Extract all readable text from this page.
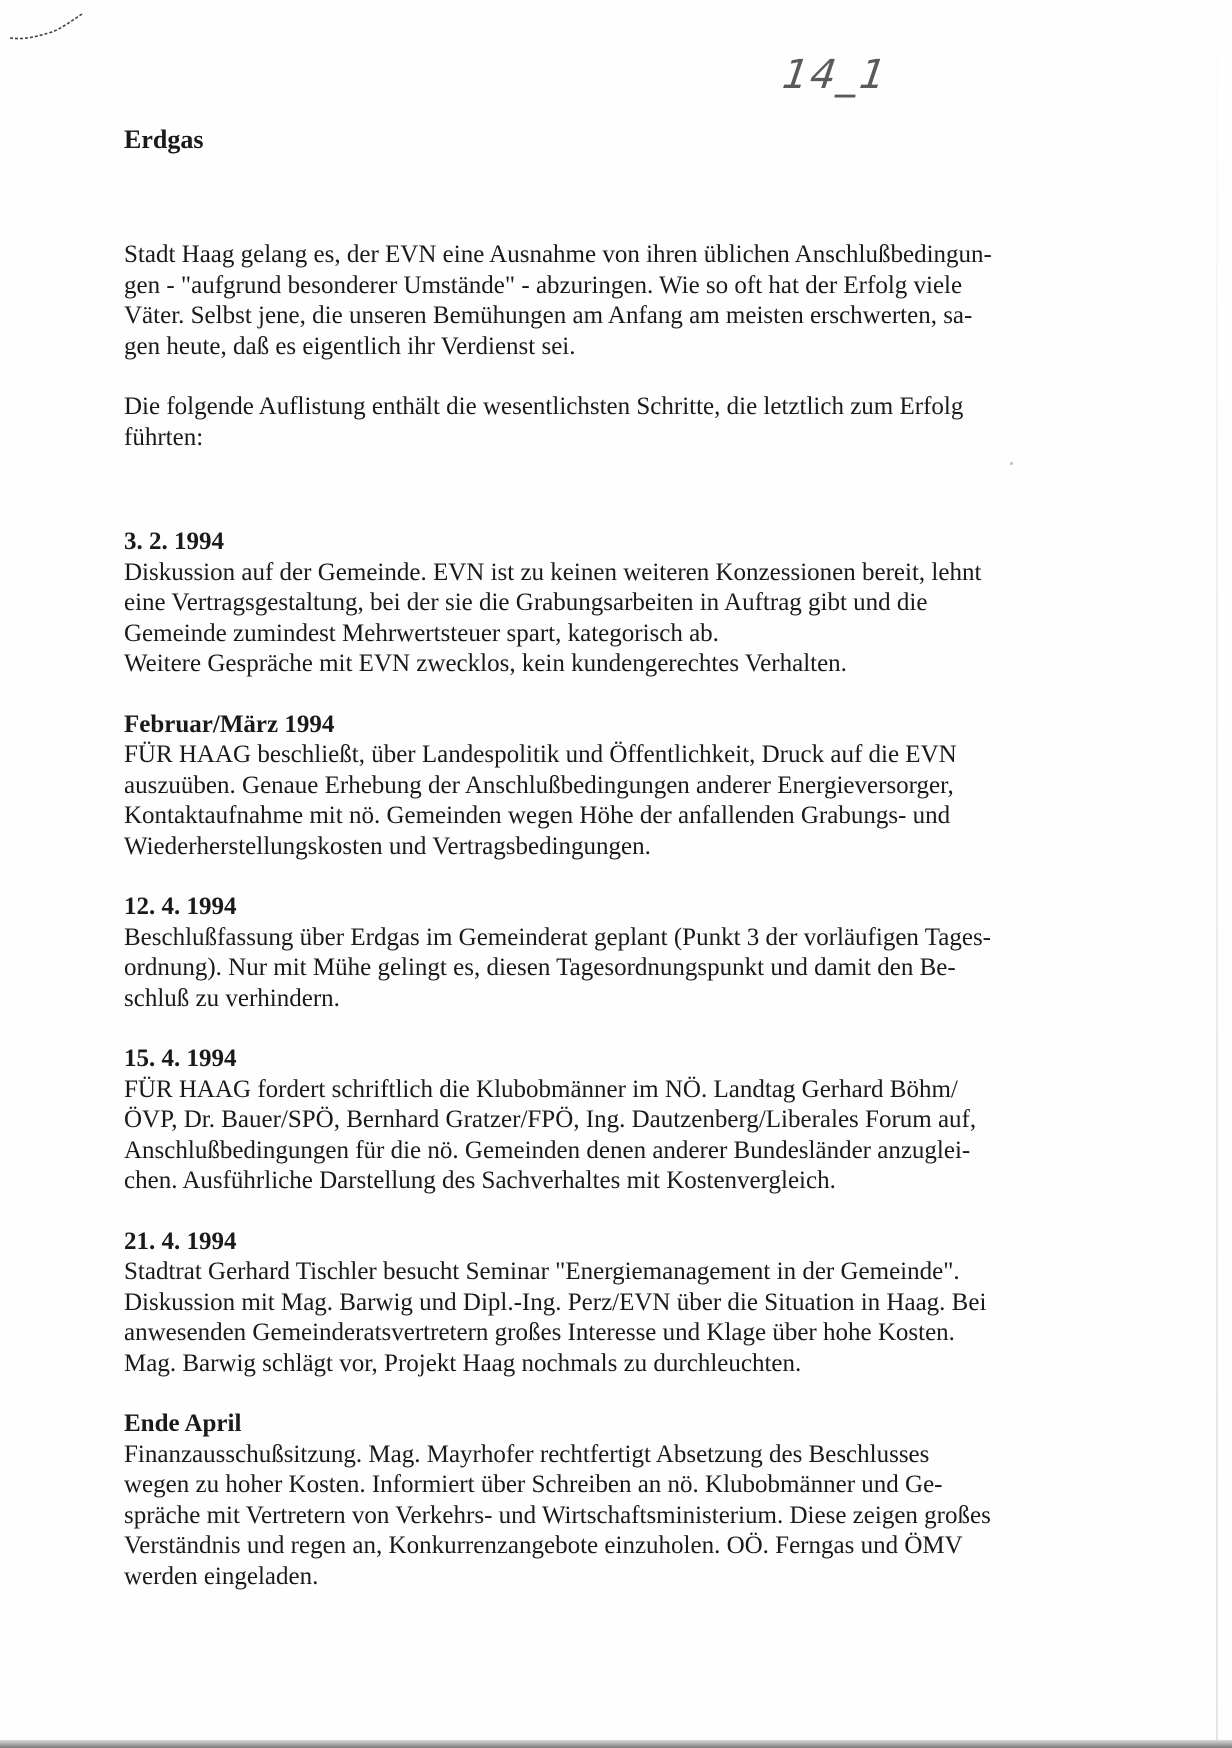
14_1
Erdgas

Stadt Haag gelang es, der EVN eine Ausnahme von ihren üblichen Anschlußbedingun-
gen - "aufgrund besonderer Umstände" - abzuringen. Wie so oft hat der Erfolg viele
Väter. Selbst jene, die unseren Bemühungen am Anfang am meisten erschwerten, sa-
gen heute, daß es eigentlich ihr Verdienst sei.

Die folgende Auflistung enthält die wesentlichsten Schritte, die letztlich zum Erfolg
führten:

3. 2. 1994

Diskussion auf der Gemeinde. EVN ist zu keinen weiteren Konzessionen bereit, lehnt
eine Vertragsgestaltung, bei der sie die Grabungsarbeiten in Auftrag gibt und die
Gemeinde zumindest Mehrwertsteuer spart, kategorisch ab.
Weitere Gespräche mit EVN zwecklos, kein kundengerechtes Verhalten.

Februar/März 1994

FÜR HAAG beschließt, über Landespolitik und Öffentlichkeit, Druck auf die EVN
auszuüben. Genaue Erhebung der Anschlußbedingungen anderer Energieversorger,
Kontaktaufnahme mit nö. Gemeinden wegen Höhe der anfallenden Grabungs- und
Wiederherstellungskosten und Vertragsbedingungen.

12. 4. 1994

Beschlußfassung über Erdgas im Gemeinderat geplant (Punkt 3 der vorläufigen Tages-
ordnung). Nur mit Mühe gelingt es, diesen Tagesordnungspunkt und damit den Be-
schluß zu verhindern.

15. 4. 1994

FÜR HAAG fordert schriftlich die Klubobmänner im NÖ. Landtag Gerhard Böhm/
ÖVP, Dr. Bauer/SPÖ, Bernhard Gratzer/FPÖ, Ing. Dautzenberg/Liberales Forum auf,
Anschlußbedingungen für die nö. Gemeinden denen anderer Bundesländer anzuglei-
chen. Ausführliche Darstellung des Sachverhaltes mit Kostenvergleich.

21. 4. 1994

Stadtrat Gerhard Tischler besucht Seminar "Energiemanagement in der Gemeinde".
Diskussion mit Mag. Barwig und Dipl.-Ing. Perz/EVN über die Situation in Haag. Bei
anwesenden Gemeinderatsvertretern großes Interesse und Klage über hohe Kosten.
Mag. Barwig schlägt vor, Projekt Haag nochmals zu durchleuchten.

Ende April

Finanzausschußsitzung. Mag. Mayrhofer rechtfertigt Absetzung des Beschlusses
wegen zu hoher Kosten. Informiert über Schreiben an nö. Klubobmänner und Ge-
spräche mit Vertretern von Verkehrs- und Wirtschaftsministerium. Diese zeigen großes
Verständnis und regen an, Konkurrenzangebote einzuholen. OÖ. Ferngas und ÖMV
werden eingeladen.
